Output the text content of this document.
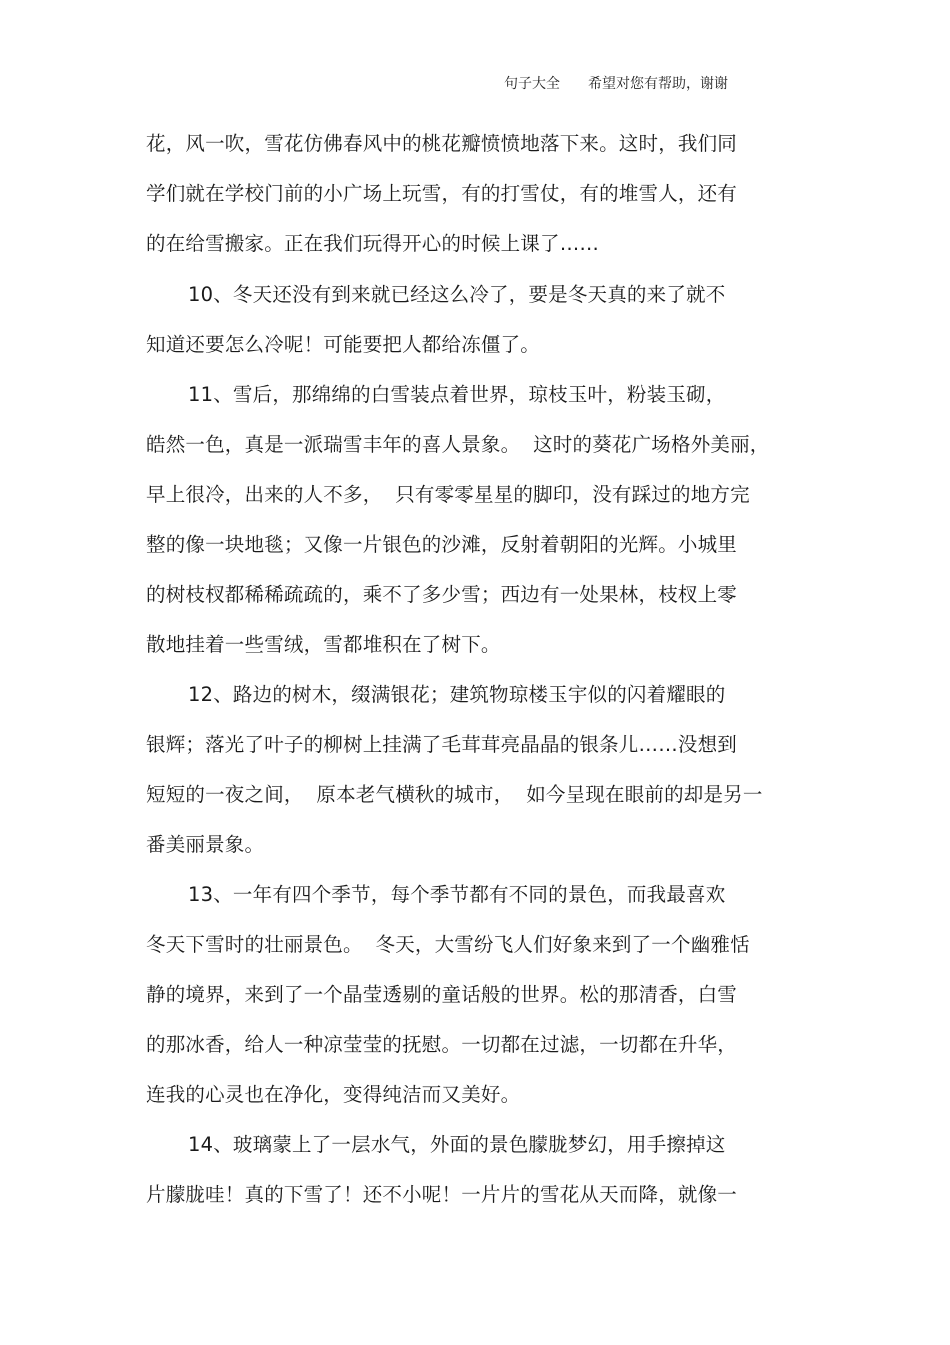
句子大全 希望对您有帮助，谢谢
花，风一吹，雪花仿佛春风中的桃花瓣愤愤地落下来。这时，我们同
学们就在学校门前的小广场上玩雪，有的打雪仗，有的堆雪人，还有
的在给雪搬家。正在我们玩得开心的时候上课了……
10、冬天还没有到来就已经这么冷了，要是冬天真的来了就不
知道还要怎么冷呢！可能要把人都给冻僵了。
11、雪后，那绵绵的白雪装点着世界，琼枝玉叶，粉装玉砌，
皓然一色，真是一派瑞雪丰年的喜人景象。  这时的葵花广场格外美丽，
早上很冷，出来的人不多，  只有零零星星的脚印，没有踩过的地方完
整的像一块地毯；又像一片银色的沙滩，反射着朝阳的光辉。小城里
的树枝杈都稀稀疏疏的，乘不了多少雪；西边有一处果林，枝杈上零
散地挂着一些雪绒，雪都堆积在了树下。
12、路边的树木，缀满银花；建筑物琼楼玉宇似的闪着耀眼的
银辉；落光了叶子的柳树上挂满了毛茸茸亮晶晶的银条儿……没想到
短短的一夜之间，  原本老气横秋的城市，  如今呈现在眼前的却是另一
番美丽景象。
13、一年有四个季节，每个季节都有不同的景色，而我最喜欢
冬天下雪时的壮丽景色。  冬天，大雪纷飞人们好象来到了一个幽雅恬
静的境界，来到了一个晶莹透剔的童话般的世界。松的那清香，白雪
的那冰香，给人一种凉莹莹的抚慰。一切都在过滤，一切都在升华，
连我的心灵也在净化，变得纯洁而又美好。
14、玻璃蒙上了一层水气，外面的景色朦胧梦幻，用手擦掉这
片朦胧哇！真的下雪了！还不小呢！一片片的雪花从天而降，就像一
